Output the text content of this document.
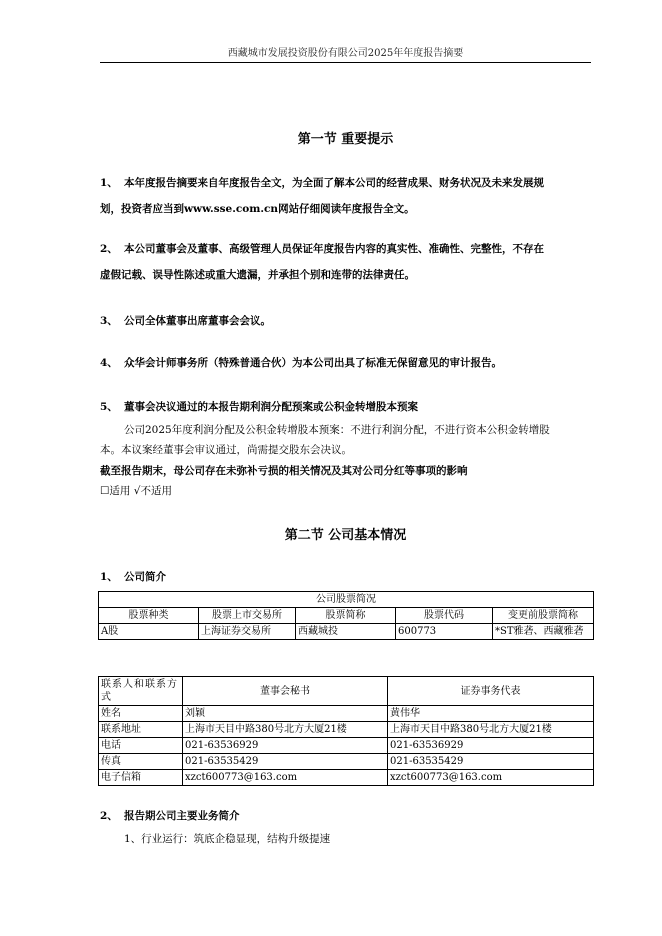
西藏城市发展投资股份有限公司2025年年度报告摘要
第一节 重要提示
1、 本年度报告摘要来自年度报告全文，为全面了解本公司的经营成果、财务状况及未来发展规
划，投资者应当到www.sse.com.cn网站仔细阅读年度报告全文。
2、 本公司董事会及董事、高级管理人员保证年度报告内容的真实性、准确性、完整性，不存在
虚假记载、误导性陈述或重大遗漏，并承担个别和连带的法律责任。
3、 公司全体董事出席董事会会议。
4、 众华会计师事务所（特殊普通合伙）为本公司出具了标准无保留意见的审计报告。
5、 董事会决议通过的本报告期利润分配预案或公积金转增股本预案
公司2025年度利润分配及公积金转增股本预案：不进行利润分配，不进行资本公积金转增股
本。本议案经董事会审议通过，尚需提交股东会决议。
截至报告期末，母公司存在未弥补亏损的相关情况及其对公司分红等事项的影响
☐适用 √不适用
第二节 公司基本情况
1、 公司简介
公司股票简况				
股票种类	股票上市交易所	股票简称	股票代码	变更前股票简称
A股	上海证券交易所	西藏城投	600773	*ST雅砻、西藏雅砻
联系人和联系方式	董事会秘书	证券事务代表
姓名	刘颖	黄伟华
联系地址	上海市天目中路380号北方大厦21楼	上海市天目中路380号北方大厦21楼
电话	021-63536929	021-63536929
传真	021-63535429	021-63535429
电子信箱	xzct600773@163.com	xzct600773@163.com
2、 报告期公司主要业务简介
1、行业运行：筑底企稳显现，结构升级提速
